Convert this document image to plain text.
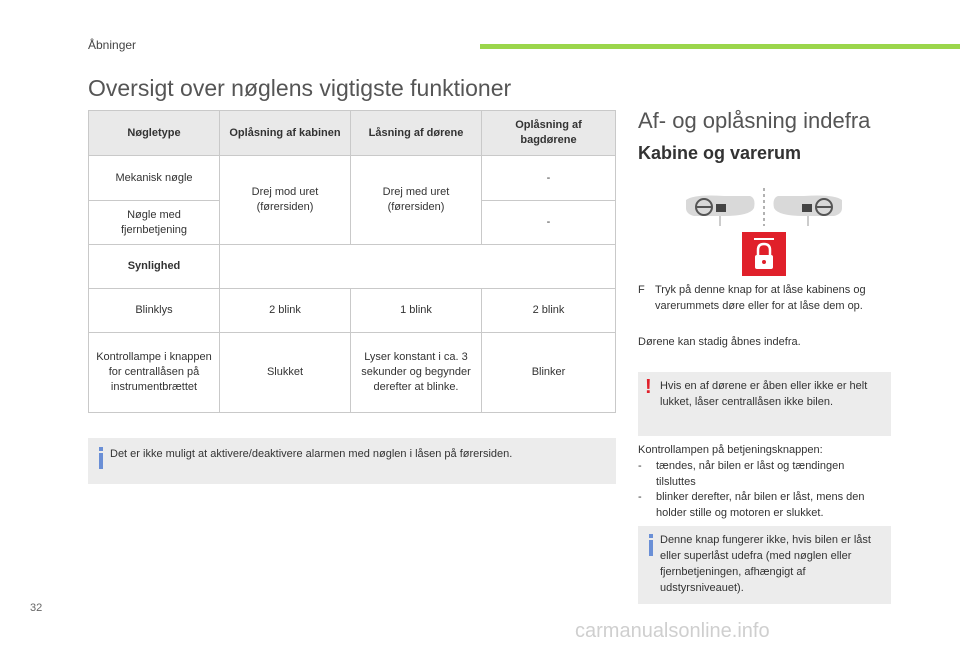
Åbninger
Oversigt over nøglens vigtigste funktioner
Nøgletype	Oplåsning af kabinen	Låsning af dørene	Oplåsning af bagdørene
Mekanisk nøgle	Drej mod uret (førersiden)	Drej med uret (førersiden)	-
Nøgle med fjernbetjening			-
Synlighed			
Blinklys	2 blink	1 blink	2 blink
Kontrollampe i knappen for centrallåsen på instrumentbrættet	Slukket	Lyser konstant i ca. 3 sekunder og begynder derefter at blinke.	Blinker
Det er ikke muligt at aktivere/deaktivere alarmen med nøglen i låsen på førersiden.
Af- og oplåsning indefra
Kabine og varerum
F Tryk på denne knap for at låse kabinens og varerummets døre eller for at låse dem op.
Dørene kan stadig åbnes indefra.
! Hvis en af dørene er åben eller ikke er helt lukket, låser centrallåsen ikke bilen.
Kontrollampen på betjeningsknappen:
-	tændes, når bilen er låst og tændingen tilsluttes
-	blinker derefter, når bilen er låst, mens den holder stille og motoren er slukket.
Denne knap fungerer ikke, hvis bilen er låst eller superlåst udefra (med nøglen eller fjernbetjeningen, afhængigt af udstyrsniveauet).
32
carmanualsonline.info
